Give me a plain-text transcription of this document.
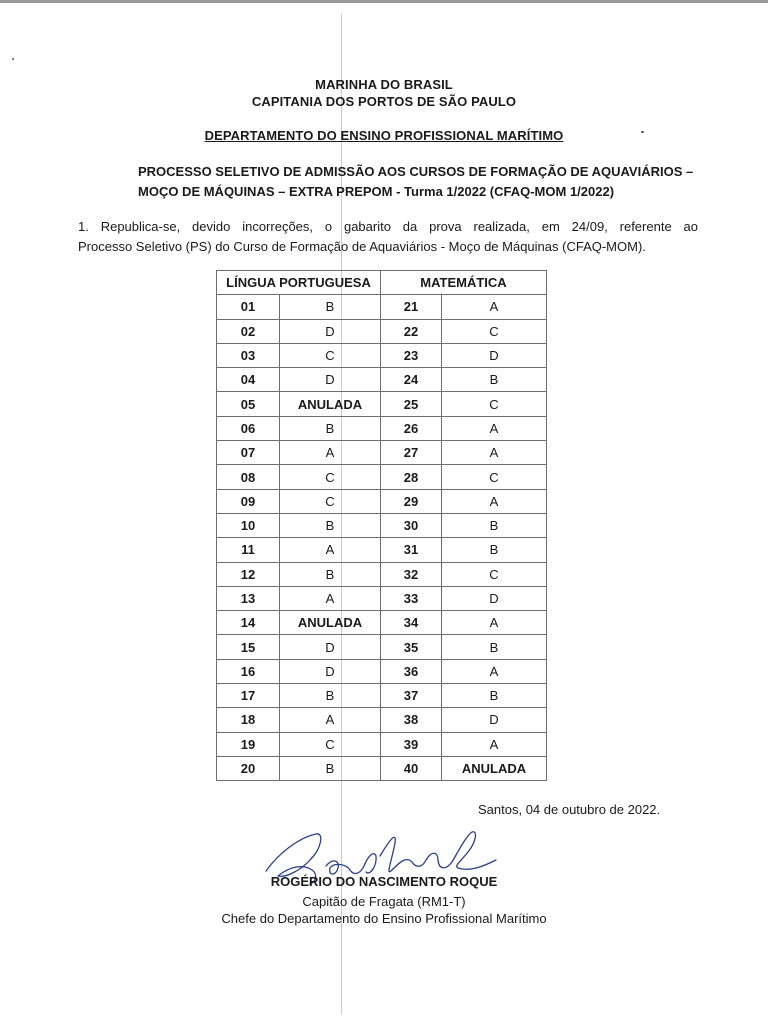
MARINHA DO BRASIL
CAPITANIA DOS PORTOS DE SÃO PAULO
DEPARTAMENTO DO ENSINO PROFISSIONAL MARÍTIMO
PROCESSO SELETIVO DE ADMISSÃO AOS CURSOS DE FORMAÇÃO DE AQUAVIÁRIOS –
MOÇO DE MÁQUINAS – EXTRA PREPOM - Turma 1/2022 (CFAQ-MOM 1/2022)
1. Republica-se, devido incorreções, o gabarito da prova realizada, em 24/09, referente ao
Processo Seletivo (PS) do Curso de Formação de Aquaviários - Moço de Máquinas (CFAQ-MOM).
LÍNGUA PORTUGUESA		MATEMÁTICA	
01	B	21	A
02	D	22	C
03	C	23	D
04	D	24	B
05	ANULADA	25	C
06	B	26	A
07	A	27	A
08	C	28	C
09	C	29	A
10	B	30	B
11	A	31	B
12	B	32	C
13	A	33	D
14	ANULADA	34	A
15	D	35	B
16	D	36	A
17	B	37	B
18	A	38	D
19	C	39	A
20	B	40	ANULADA
Santos, 04 de outubro de 2022.
ROGÉRIO DO NASCIMENTO ROQUE
Capitão de Fragata (RM1-T)
Chefe do Departamento do Ensino Profissional Marítimo
